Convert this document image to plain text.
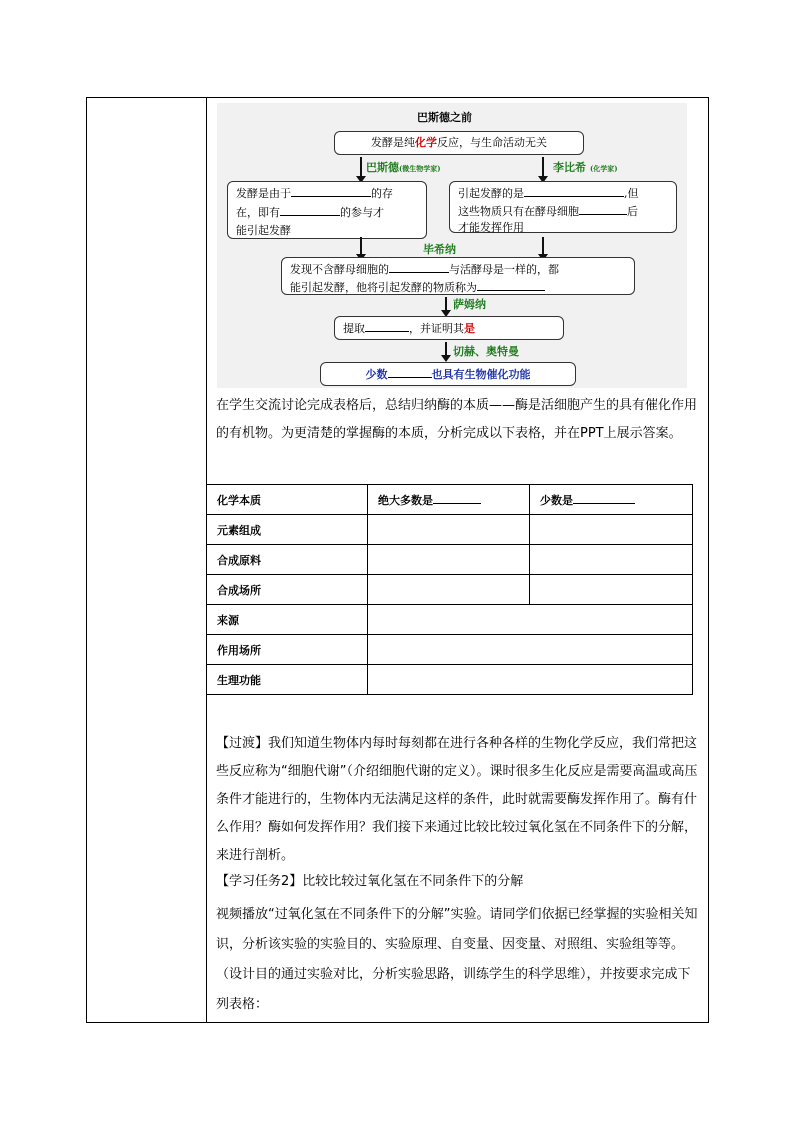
巴斯德之前
发酵是纯化学反应，与生命活动无关
巴斯德(微生物学家)	李比希 (化学家)
发酵是由于	的存
在，即有	的参与才
能引起发酵
引起发酵的是	,但
这些物质只有在酵母细胞	后
才能发挥作用
毕希纳
发现不含酵母细胞的	与活酵母是一样的，都
能引起发酵，他将引起发酵的物质称为
萨姆纳
提取	，并证明其是
切赫、奥特曼
少数	也具有生物催化功能

在学生交流讨论完成表格后，总结归纳酶的本质——酶是活细胞产生的具有催化作用的有机物。为更清楚的掌握酶的本质，分析完成以下表格，并在PPT上展示答案。

化学本质	绝大多数是	少数是
元素组成		
合成原料		
合成场所		
来源		
作用场所		
生理功能		

【过渡】我们知道生物体内每时每刻都在进行各种各样的生物化学反应，我们常把这些反应称为“细胞代谢”（介绍细胞代谢的定义）。课时很多生化反应是需要高温或高压条件才能进行的，生物体内无法满足这样的条件，此时就需要酶发挥作用了。酶有什么作用？酶如何发挥作用？我们接下来通过比较比较过氧化氢在不同条件下的分解，来进行剖析。

【学习任务2】比较比较过氧化氢在不同条件下的分解

视频播放“过氧化氢在不同条件下的分解”实验。请同学们依据已经掌握的实验相关知识，分析该实验的实验目的、实验原理、自变量、因变量、对照组、实验组等等。（设计目的通过实验对比，分析实验思路，训练学生的科学思维），并按要求完成下列表格：
